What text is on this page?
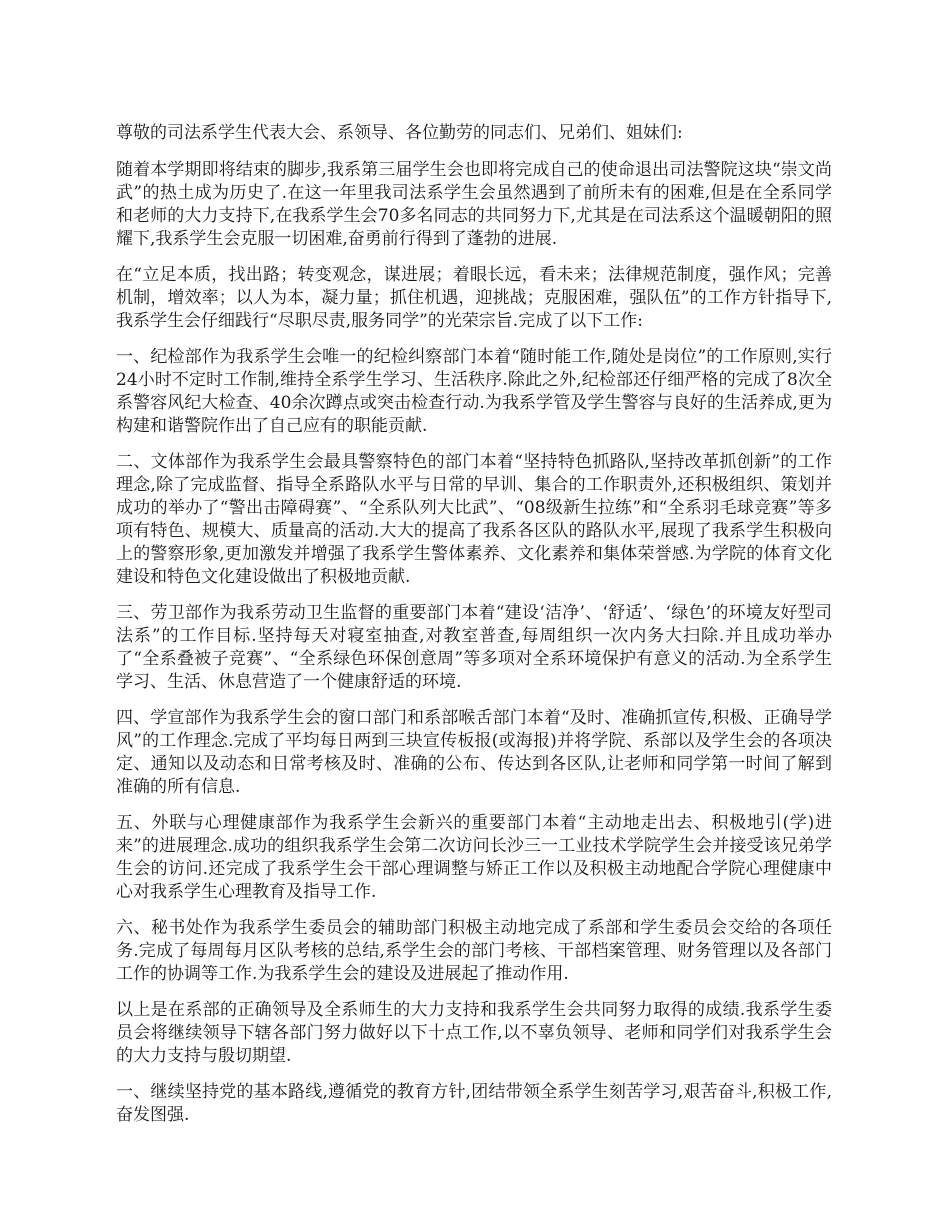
尊敬的司法系学生代表大会、系领导、各位勤劳的同志们、兄弟们、姐妹们:

随着本学期即将结束的脚步,我系第三届学生会也即将完成自己的使命退出司法警院这块“崇文尚武”的热土成为历史了.在这一年里我司法系学生会虽然遇到了前所未有的困难,但是在全系同学和老师的大力支持下,在我系学生会70多名同志的共同努力下,尤其是在司法系这个温暖朝阳的照耀下,我系学生会克服一切困难,奋勇前行得到了蓬勃的进展.

在“立足本质，找出路；转变观念，谋进展；着眼长远，看未来；法律规范制度，强作风；完善机制，增效率；以人为本，凝力量；抓住机遇，迎挑战；克服困难，强队伍”的工作方针指导下,我系学生会仔细践行“尽职尽责,服务同学”的光荣宗旨.完成了以下工作:

一、纪检部作为我系学生会唯一的纪检纠察部门本着“随时能工作,随处是岗位”的工作原则,实行24小时不定时工作制,维持全系学生学习、生活秩序.除此之外,纪检部还仔细严格的完成了8次全系警容风纪大检查、40余次蹲点或突击检查行动.为我系学管及学生警容与良好的生活养成,更为构建和谐警院作出了自己应有的职能贡献.

二、文体部作为我系学生会最具警察特色的部门本着“坚持特色抓路队,坚持改革抓创新”的工作理念,除了完成监督、指导全系路队水平与日常的早训、集合的工作职责外,还积极组织、策划并成功的举办了“警出击障碍赛”、“全系队列大比武”、“08级新生拉练”和“全系羽毛球竞赛”等多项有特色、规模大、质量高的活动.大大的提高了我系各区队的路队水平,展现了我系学生积极向上的警察形象,更加激发并增强了我系学生警体素养、文化素养和集体荣誉感.为学院的体育文化建设和特色文化建设做出了积极地贡献.

三、劳卫部作为我系劳动卫生监督的重要部门本着“建设‘洁净’、‘舒适’、‘绿色’的环境友好型司法系”的工作目标.坚持每天对寝室抽查,对教室普查,每周组织一次内务大扫除.并且成功举办了“全系叠被子竞赛”、“全系绿色环保创意周”等多项对全系环境保护有意义的活动.为全系学生学习、生活、休息营造了一个健康舒适的环境.

四、学宣部作为我系学生会的窗口部门和系部喉舌部门本着“及时、准确抓宣传,积极、正确导学风”的工作理念.完成了平均每日两到三块宣传板报(或海报)并将学院、系部以及学生会的各项决定、通知以及动态和日常考核及时、准确的公布、传达到各区队,让老师和同学第一时间了解到准确的所有信息.

五、外联与心理健康部作为我系学生会新兴的重要部门本着“主动地走出去、积极地引(学)进来”的进展理念.成功的组织我系学生会第二次访问长沙三一工业技术学院学生会并接受该兄弟学生会的访问.还完成了我系学生会干部心理调整与矫正工作以及积极主动地配合学院心理健康中心对我系学生心理教育及指导工作.

六、秘书处作为我系学生委员会的辅助部门积极主动地完成了系部和学生委员会交给的各项任务.完成了每周每月区队考核的总结,系学生会的部门考核、干部档案管理、财务管理以及各部门工作的协调等工作.为我系学生会的建设及进展起了推动作用.

以上是在系部的正确领导及全系师生的大力支持和我系学生会共同努力取得的成绩.我系学生委员会将继续领导下辖各部门努力做好以下十点工作,以不辜负领导、老师和同学们对我系学生会的大力支持与殷切期望.

一、继续坚持党的基本路线,遵循党的教育方针,团结带领全系学生刻苦学习,艰苦奋斗,积极工作,奋发图强.
